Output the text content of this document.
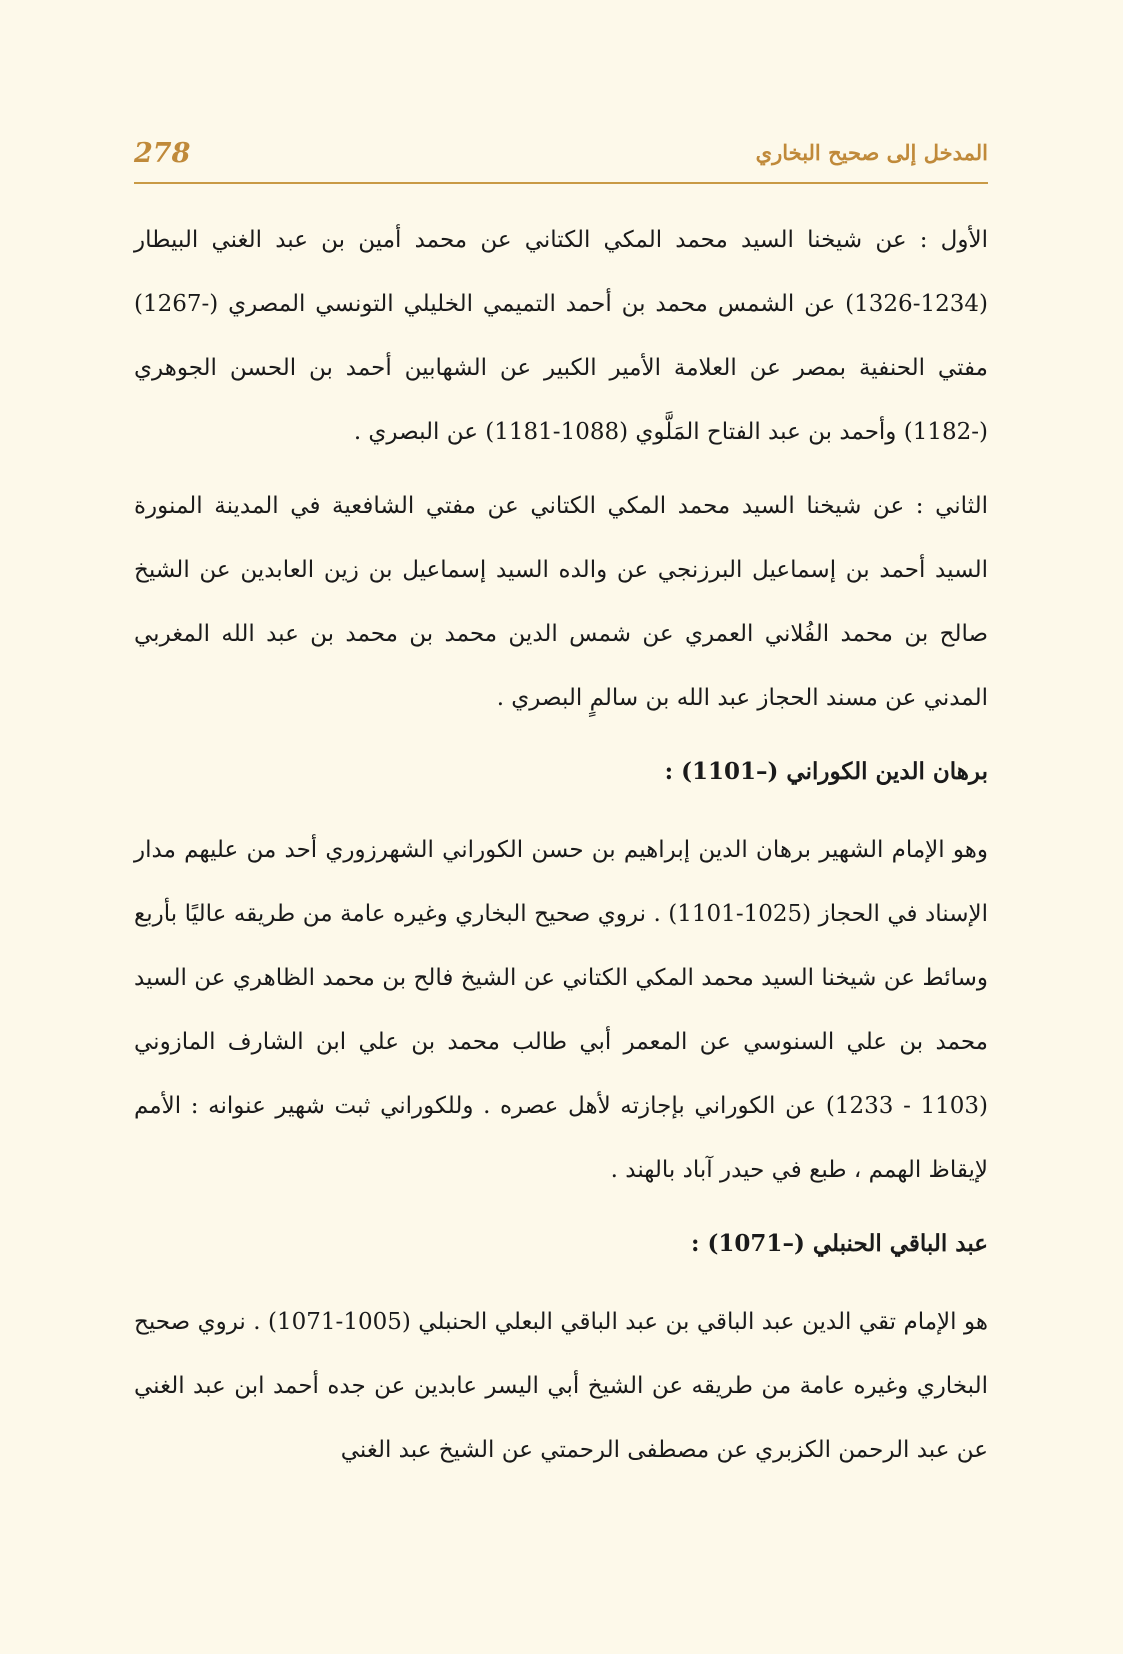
278	المدخل إلى صحيح البخاري

الأول : عن شيخنا السيد محمد المكي الكتاني عن محمد أمين بن عبد الغني البيطار (1234-1326) عن الشمس محمد بن أحمد التميمي الخليلي التونسي المصري (-1267) مفتي الحنفية بمصر عن العلامة الأمير الكبير عن الشهابين أحمد بن الحسن الجوهري (-1182) وأحمد بن عبد الفتاح المَلَّوي (1088-1181) عن البصري .

الثاني : عن شيخنا السيد محمد المكي الكتاني عن مفتي الشافعية في المدينة المنورة السيد أحمد بن إسماعيل البرزنجي عن والده السيد إسماعيل بن زين العابدين عن الشيخ صالح بن محمد الفُلاني العمري عن شمس الدين محمد بن محمد بن عبد الله المغربي المدني عن مسند الحجاز عبد الله بن سالمٍ البصري .

برهان الدين الكوراني (–1101) :

وهو الإمام الشهير برهان الدين إبراهيم بن حسن الكوراني الشهرزوري أحد من عليهم مدار الإسناد في الحجاز (1025-1101) . نروي صحيح البخاري وغيره عامة من طريقه عاليًا بأربع وسائط عن شيخنا السيد محمد المكي الكتاني عن الشيخ فالح بن محمد الظاهري عن السيد محمد بن علي السنوسي عن المعمر أبي طالب محمد بن علي ابن الشارف المازوني (1103 - 1233) عن الكوراني بإجازته لأهل عصره . وللكوراني ثبت شهير عنوانه : الأمم لإيقاظ الهمم ، طبع في حيدر آباد بالهند .

عبد الباقي الحنبلي (–1071) :

هو الإمام تقي الدين عبد الباقي بن عبد الباقي البعلي الحنبلي (1005-1071) . نروي صحيح البخاري وغيره عامة من طريقه عن الشيخ أبي اليسر عابدين عن جده أحمد ابن عبد الغني عن عبد الرحمن الكزبري عن مصطفى الرحمتي عن الشيخ عبد الغني
